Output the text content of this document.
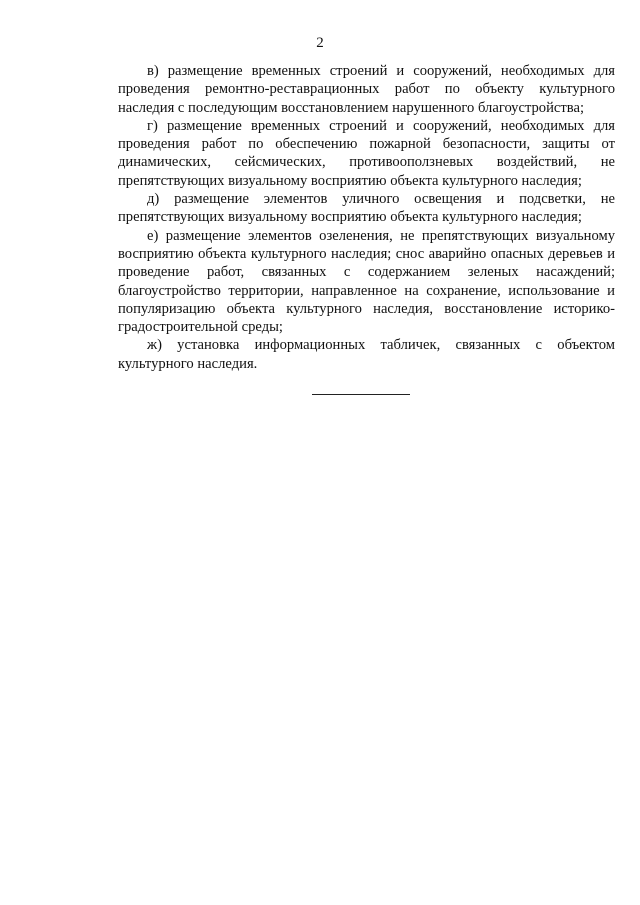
2

в) размещение временных строений и сооружений, необходимых для проведения ремонтно-реставрационных работ по объекту культурного наследия с последующим восстановлением нарушенного благоустройства;

г) размещение временных строений и сооружений, необходимых для проведения работ по обеспечению пожарной безопасности, защиты от динамических, сейсмических, противооползневых воздействий, не препятствующих визуальному восприятию объекта культурного наследия;

д) размещение элементов уличного освещения и подсветки, не препятствующих визуальному восприятию объекта культурного наследия;

е) размещение элементов озеленения, не препятствующих визуальному восприятию объекта культурного наследия; снос аварийно опасных деревьев и проведение работ, связанных с содержанием зеленых насаждений; благоустройство территории, направленное на сохранение, использование и популяризацию объекта культурного наследия, восстановление историко-градостроительной среды;

ж) установка информационных табличек, связанных с объектом культурного наследия.
